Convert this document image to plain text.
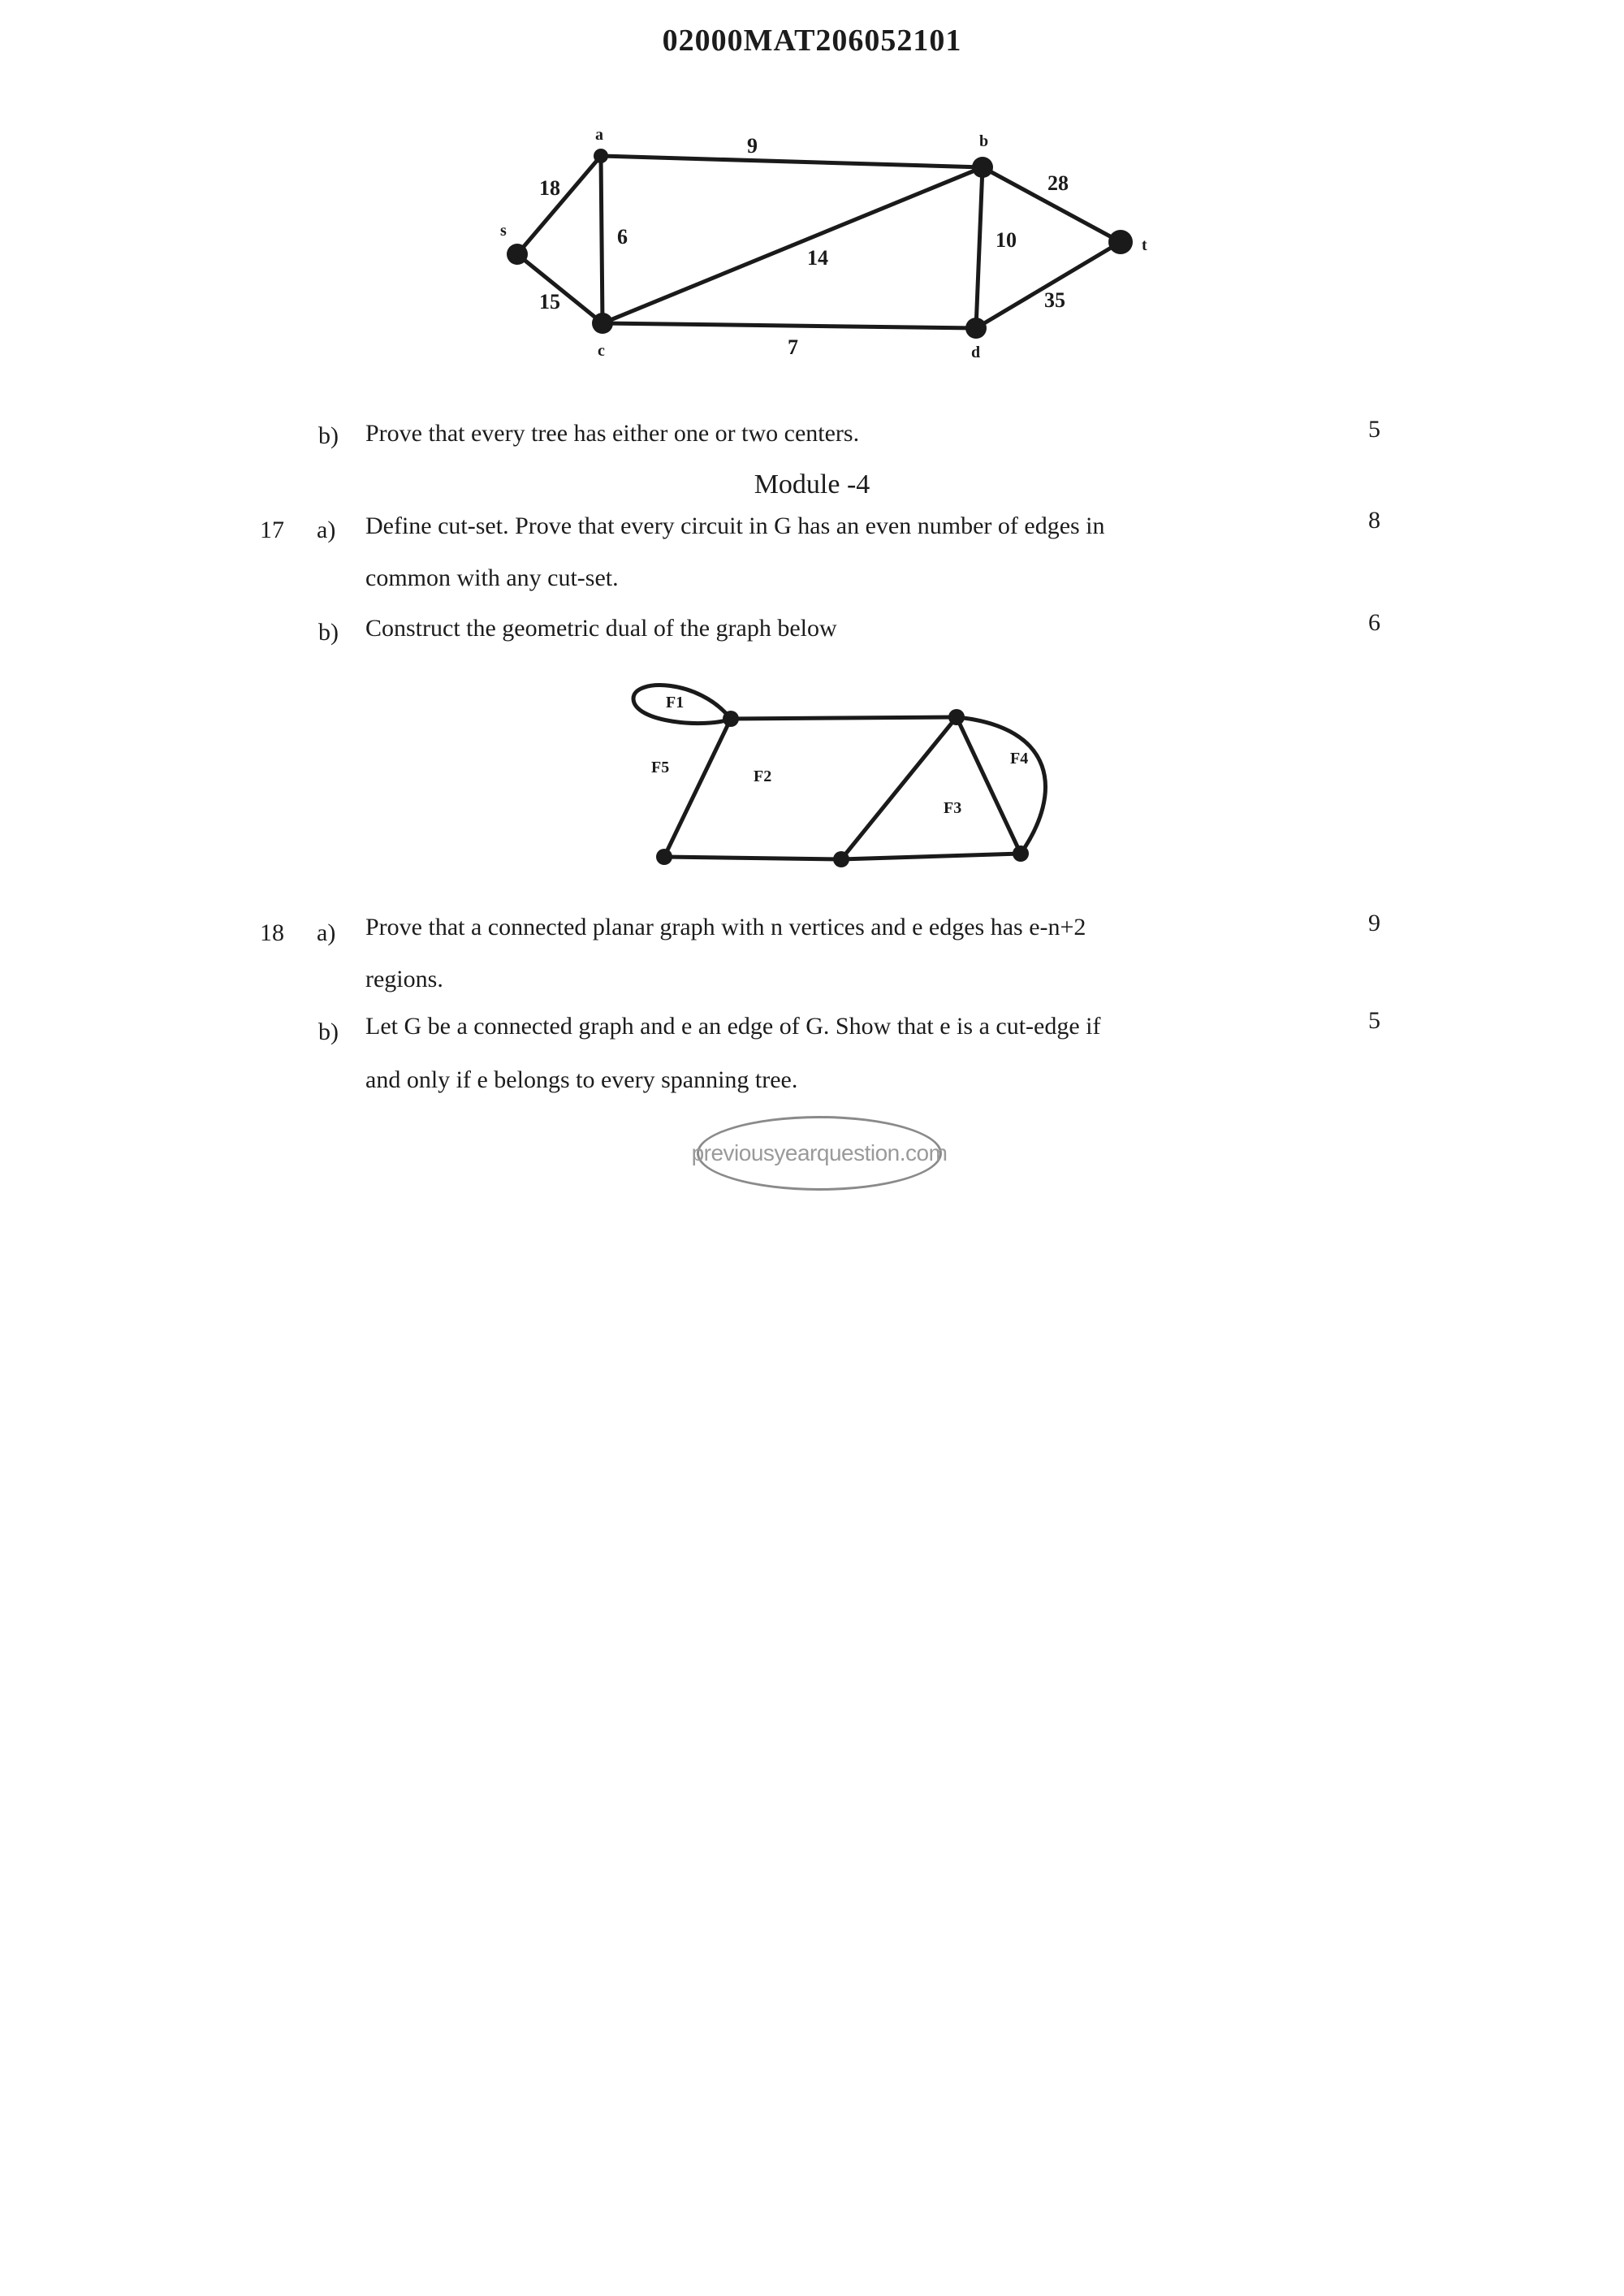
02000MAT206052101
a	b
s
t
c	d
18
9
15
6
14
10
28
7
35
b) Prove that every tree has either one or two centers.	5
Module -4
17 a) Define cut-set. Prove that every circuit in G has an even number of edges in
common with any cut-set.
8
b) Construct the geometric dual of the graph below	6
F1
F2
F3
F4
F5
18 a) Prove that a connected planar graph with n vertices and e edges has e-n+2
regions.
9
b) Let G be a connected graph and e an edge of G. Show that e is a cut-edge if
and only if e belongs to every spanning tree.
5
previousyearquestion.com
